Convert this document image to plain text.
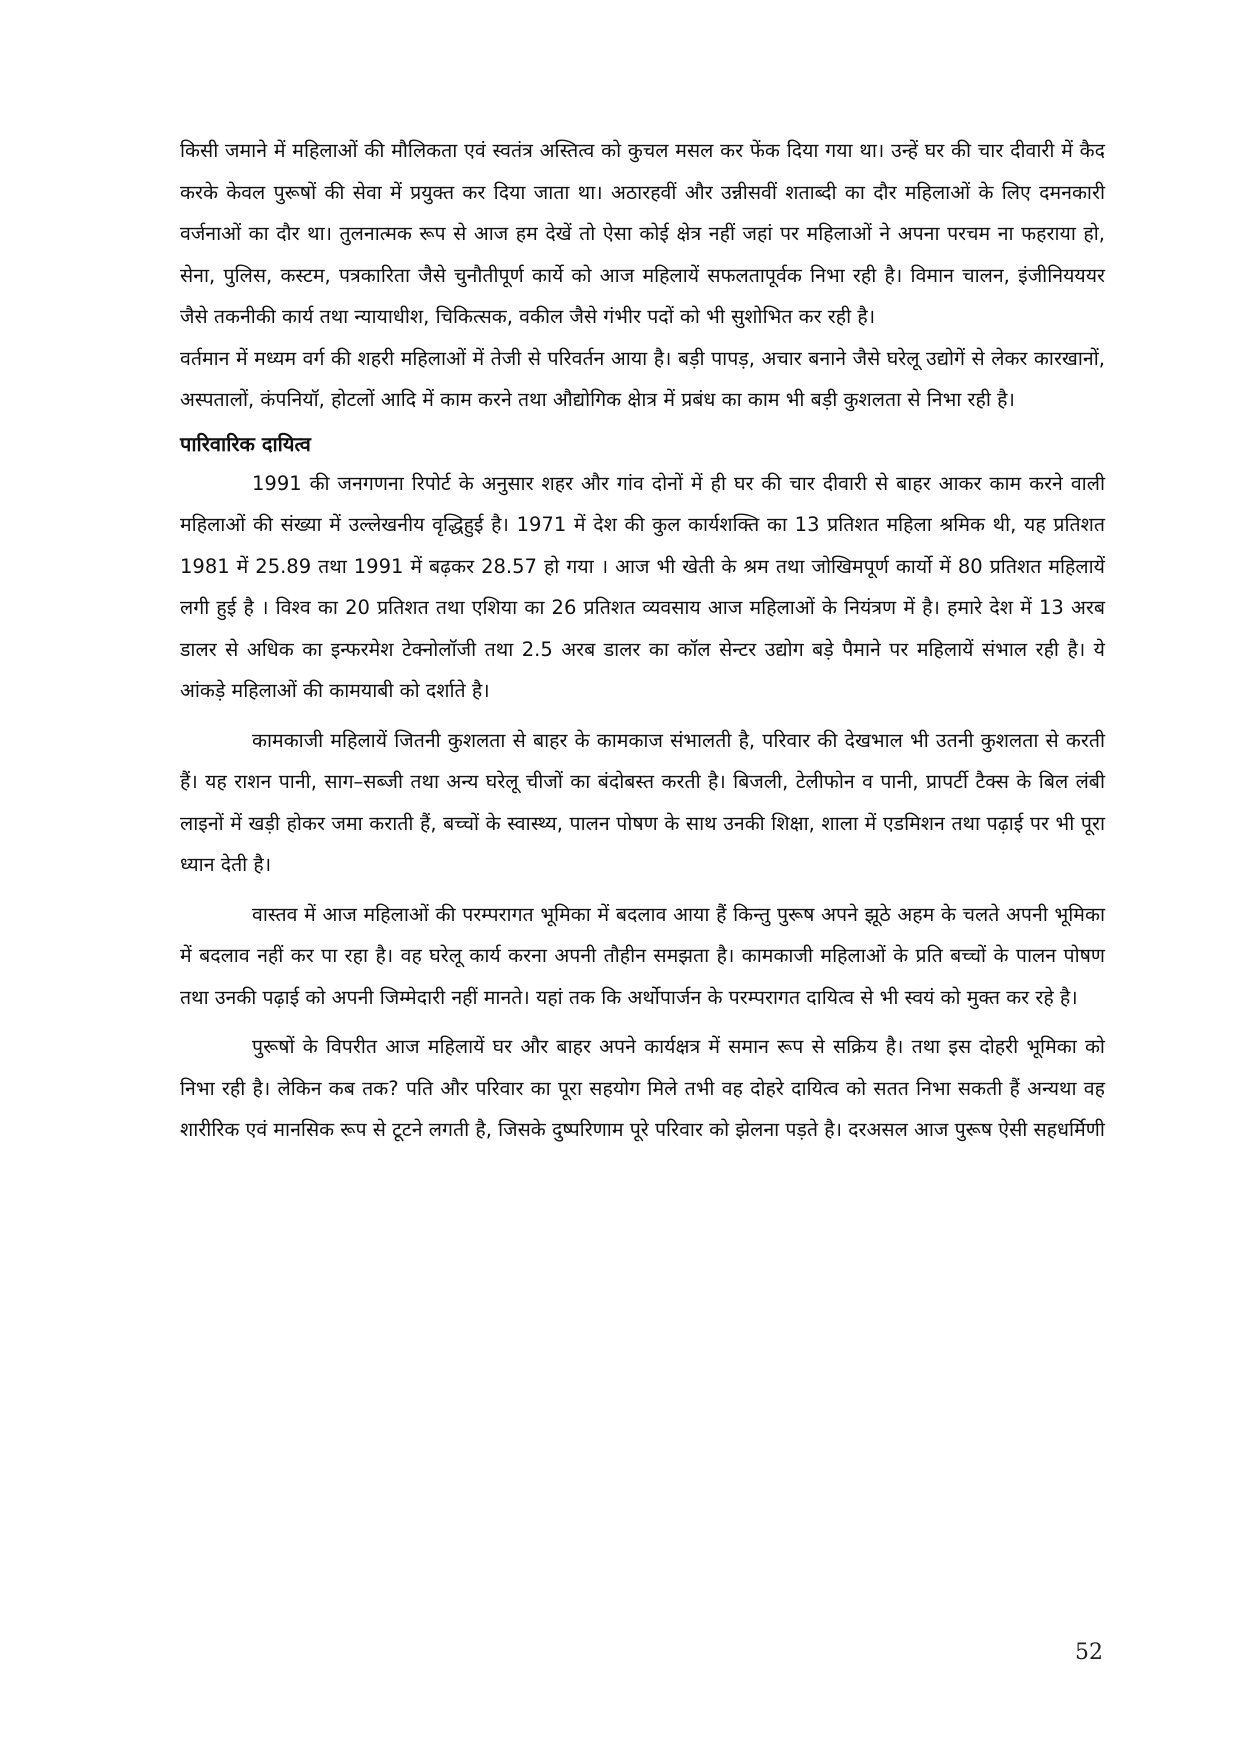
किसी जमाने में महिलाओं की मौलिकता एवं स्वतंत्र अस्तित्व को कुचल मसल कर फेंक दिया गया था। उन्हें घर की चार दीवारी में कैद करके केवल पुरूषों की सेवा में प्रयुक्त कर दिया जाता था। अठारहवीं और उन्नीसवीं शताब्दी का दौर महिलाओं के लिए दमनकारी वर्जनाओं का दौर था। तुलनात्मक रूप से आज हम देखें तो ऐसा कोई क्षेत्र नहीं जहां पर महिलाओं ने अपना परचम ना फहराया हो, सेना, पुलिस, कस्टम, पत्रकारिता जैसे चुनौतीपूर्ण कार्ये को आज महिलायें सफलतापूर्वक निभा रही है। विमान चालन, इंजीनियययर जैसे तकनीकी कार्य तथा न्यायाधीश, चिकित्सक, वकील जैसे गंभीर पदों को भी सुशोभित कर रही है।

वर्तमान में मध्यम वर्ग की शहरी महिलाओं में तेजी से परिवर्तन आया है। बड़ी पापड़, अचार बनाने जैसे घरेलू उद्योगें से लेकर कारखानों, अस्पतालों, कंपनियॉ, होटलों आदि में काम करने तथा औद्योगिक क्षेात्र में प्रबंध का काम भी बड़ी कुशलता से निभा रही है।

पारिवारिक दायित्व

1991 की जनगणना रिपोर्ट के अनुसार शहर और गांव दोनों में ही घर की चार दीवारी से बाहर आकर काम करने वाली महिलाओं की संख्या में उल्लेखनीय वृद्धिहुई है। 1971 में देश की कुल कार्यशक्ति का 13 प्रतिशत महिला श्रमिक थी, यह प्रतिशत 1981 में 25.89 तथा 1991 में बढ़कर 28.57 हो गया । आज भी खेती के श्रम तथा जोखिमपूर्ण कार्यो में 80 प्रतिशत महिलायें लगी हुई है । विश्व का 20 प्रतिशत तथा एशिया का 26 प्रतिशत व्यवसाय आज महिलाओं के नियंत्रण में है। हमारे देश में 13 अरब डालर से अधिक का इन्फरमेश टेक्नोलॉजी तथा 2.5 अरब डालर का कॉल सेन्टर उद्योग बड़े पैमाने पर महिलायें संभाल रही है। ये आंकड़े महिलाओं की कामयाबी को दर्शाते है।

कामकाजी महिलायें जितनी कुशलता से बाहर के कामकाज संभालती है, परिवार की देखभाल भी उतनी कुशलता से करती हैं। यह राशन पानी, साग–सब्जी तथा अन्य घरेलू चीजों का बंदोबस्त करती है। बिजली, टेलीफोन व पानी, प्रापर्टी टैक्स के बिल लंबी लाइनों में खड़ी होकर जमा कराती हैं, बच्चों के स्वास्थ्य, पालन पोषण के साथ उनकी शिक्षा, शाला में एडमिशन तथा पढ़ाई पर भी पूरा ध्यान देती है।

वास्तव में आज महिलाओं की परम्परागत भूमिका में बदलाव आया हैं किन्तु पुरूष अपने झूठे अहम के चलते अपनी भूमिका में बदलाव नहीं कर पा रहा है। वह घरेलू कार्य करना अपनी तौहीन समझता है। कामकाजी महिलाओं के प्रति बच्चों के पालन पोषण तथा उनकी पढ़ाई को अपनी जिम्मेदारी नहीं मानते। यहां तक कि अर्थोपार्जन के परम्परागत दायित्व से भी स्वयं को मुक्त कर रहे है।

पुरूषों के विपरीत आज महिलायें घर और बाहर अपने कार्यक्षत्र में समान रूप से सक्रिय है। तथा इस दोहरी भूमिका को निभा रही है। लेकिन कब तक? पति और परिवार का पूरा सहयोग मिले तभी वह दोहरे दायित्व को सतत निभा सकती हैं अन्यथा वह शारीरिक एवं मानसिक रूप से टूटने लगती है, जिसके दुष्परिणाम पूरे परिवार को झेलना पड़ते है। दरअसल आज पुरूष ऐसी सहधर्मिणी

52
